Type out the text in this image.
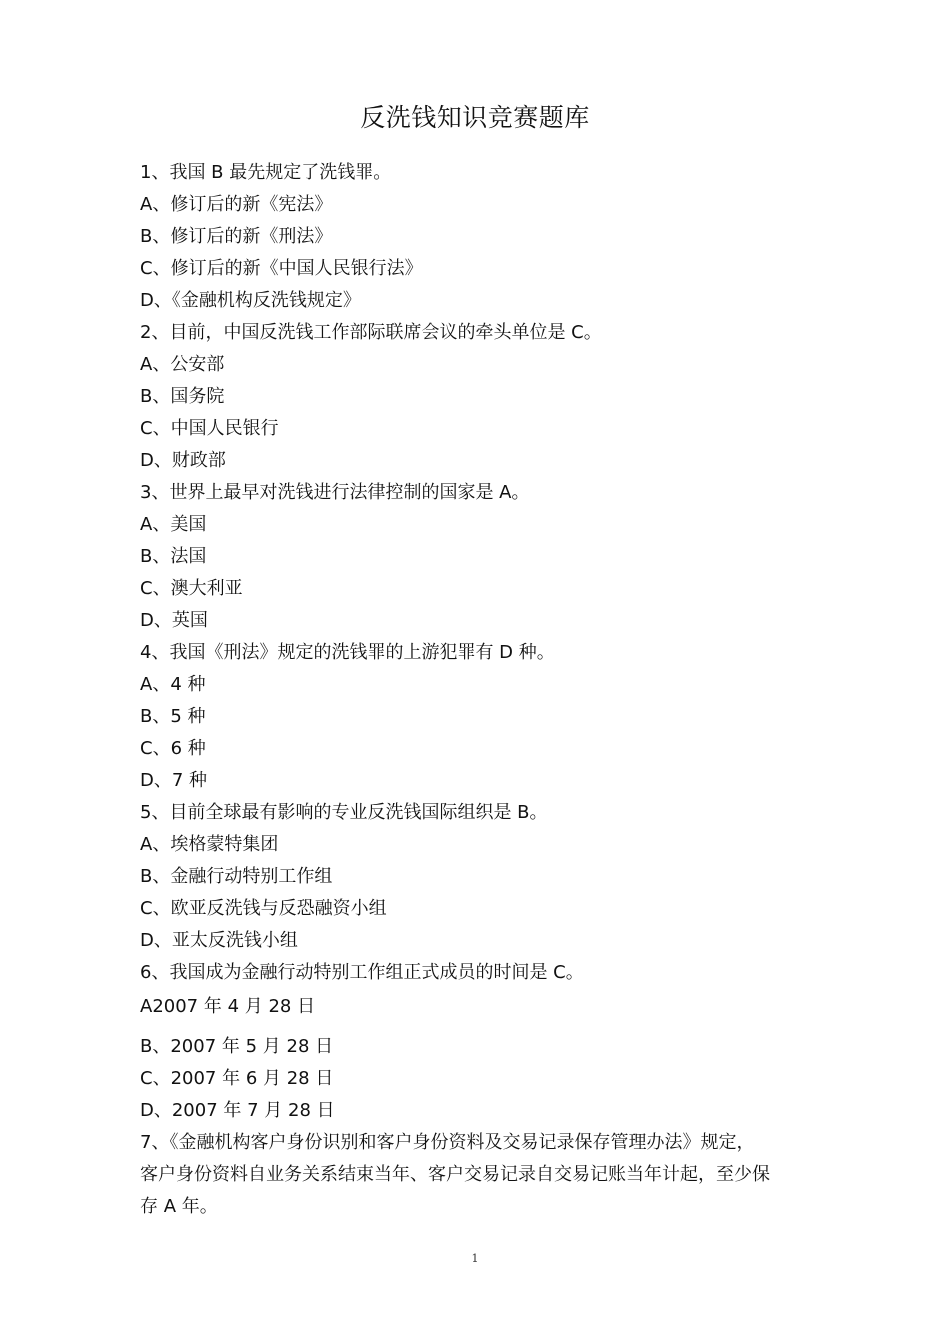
反洗钱知识竞赛题库
1、我国 B 最先规定了洗钱罪。
A、修订后的新《宪法》
B、修订后的新《刑法》
C、修订后的新《中国人民银行法》
D、《金融机构反洗钱规定》
2、目前，中国反洗钱工作部际联席会议的牵头单位是 C。
A、公安部
B、国务院
C、中国人民银行
D、财政部
3、世界上最早对洗钱进行法律控制的国家是 A。
A、美国
B、法国
C、澳大利亚
D、英国
4、我国《刑法》规定的洗钱罪的上游犯罪有 D 种。
A、4 种
B、5 种
C、6 种
D、7 种
5、目前全球最有影响的专业反洗钱国际组织是 B。
A、埃格蒙特集团
B、金融行动特别工作组
C、欧亚反洗钱与反恐融资小组
D、亚太反洗钱小组
6、我国成为金融行动特别工作组正式成员的时间是 C。
A2007 年 4 月 28 日
B、2007 年 5 月 28 日
C、2007 年 6 月 28 日
D、2007 年 7 月 28 日
7、《金融机构客户身份识别和客户身份资料及交易记录保存管理办法》规定，
客户身份资料自业务关系结束当年、客户交易记录自交易记账当年计起，至少保
存 A 年。
1
